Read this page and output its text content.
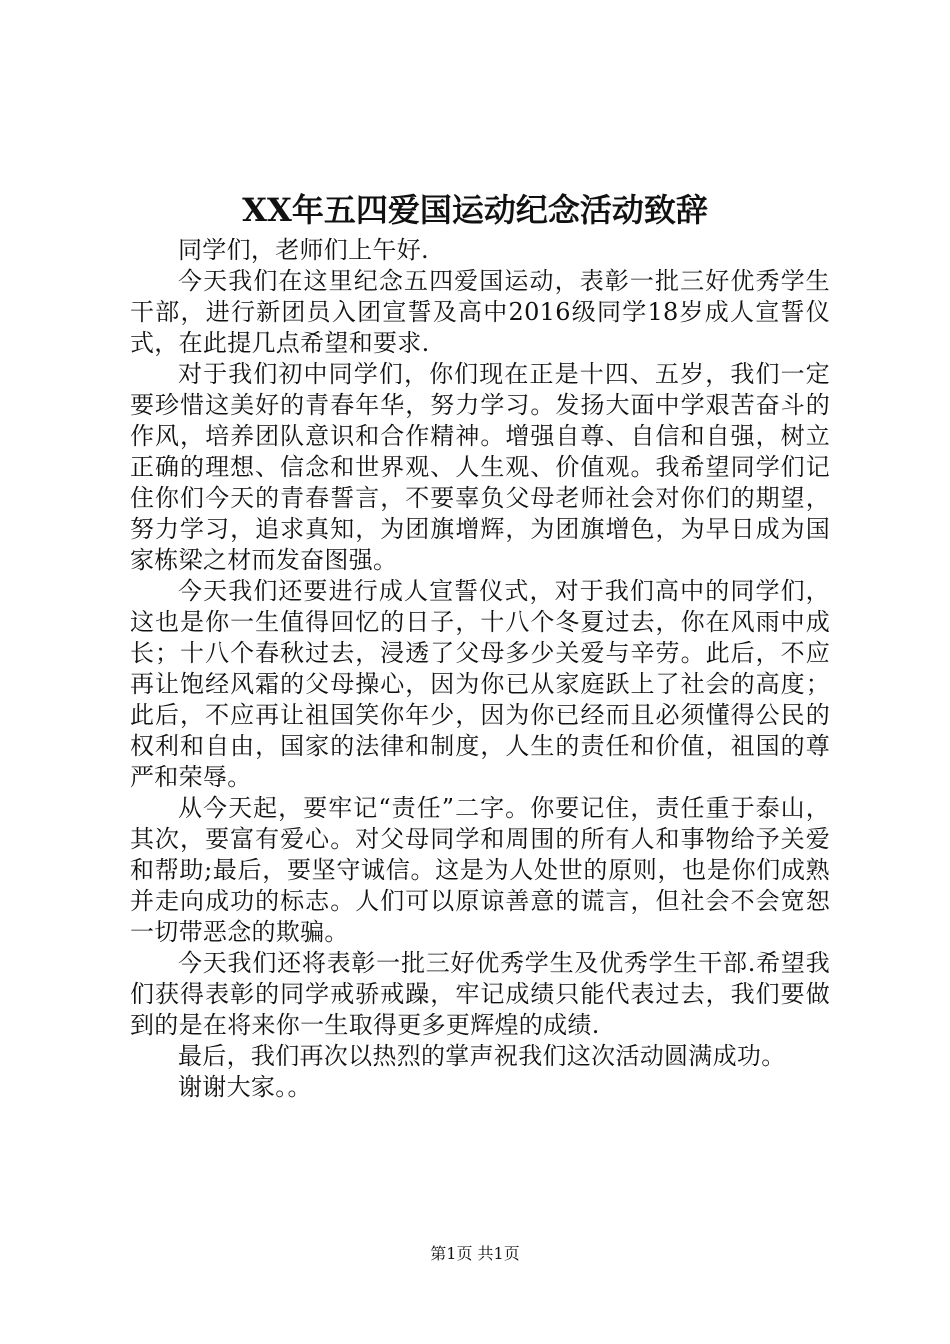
XX年五四爱国运动纪念活动致辞

同学们，老师们上午好.

今天我们在这里纪念五四爱国运动，表彰一批三好优秀学生干部，进行新团员入团宣誓及高中2016级同学18岁成人宣誓仪式，在此提几点希望和要求.

对于我们初中同学们，你们现在正是十四、五岁，我们一定要珍惜这美好的青春年华，努力学习。发扬大面中学艰苦奋斗的作风，培养团队意识和合作精神。增强自尊、自信和自强，树立正确的理想、信念和世界观、人生观、价值观。我希望同学们记住你们今天的青春誓言，不要辜负父母老师社会对你们的期望，努力学习，追求真知，为团旗增辉，为团旗增色，为早日成为国家栋梁之材而发奋图强。

今天我们还要进行成人宣誓仪式，对于我们高中的同学们，这也是你一生值得回忆的日子，十八个冬夏过去，你在风雨中成长；十八个春秋过去，浸透了父母多少关爱与辛劳。此后，不应再让饱经风霜的父母操心，因为你已从家庭跃上了社会的高度；此后，不应再让祖国笑你年少，因为你已经而且必须懂得公民的权利和自由，国家的法律和制度，人生的责任和价值，祖国的尊严和荣辱。

从今天起，要牢记“责任”二字。你要记住，责任重于泰山，其次，要富有爱心。对父母同学和周围的所有人和事物给予关爱和帮助;最后，要坚守诚信。这是为人处世的原则，也是你们成熟并走向成功的标志。人们可以原谅善意的谎言，但社会不会宽恕一切带恶念的欺骗。

今天我们还将表彰一批三好优秀学生及优秀学生干部.希望我们获得表彰的同学戒骄戒躁，牢记成绩只能代表过去，我们要做到的是在将来你一生取得更多更辉煌的成绩.

最后，我们再次以热烈的掌声祝我们这次活动圆满成功。

谢谢大家。。

第1页 共1页
